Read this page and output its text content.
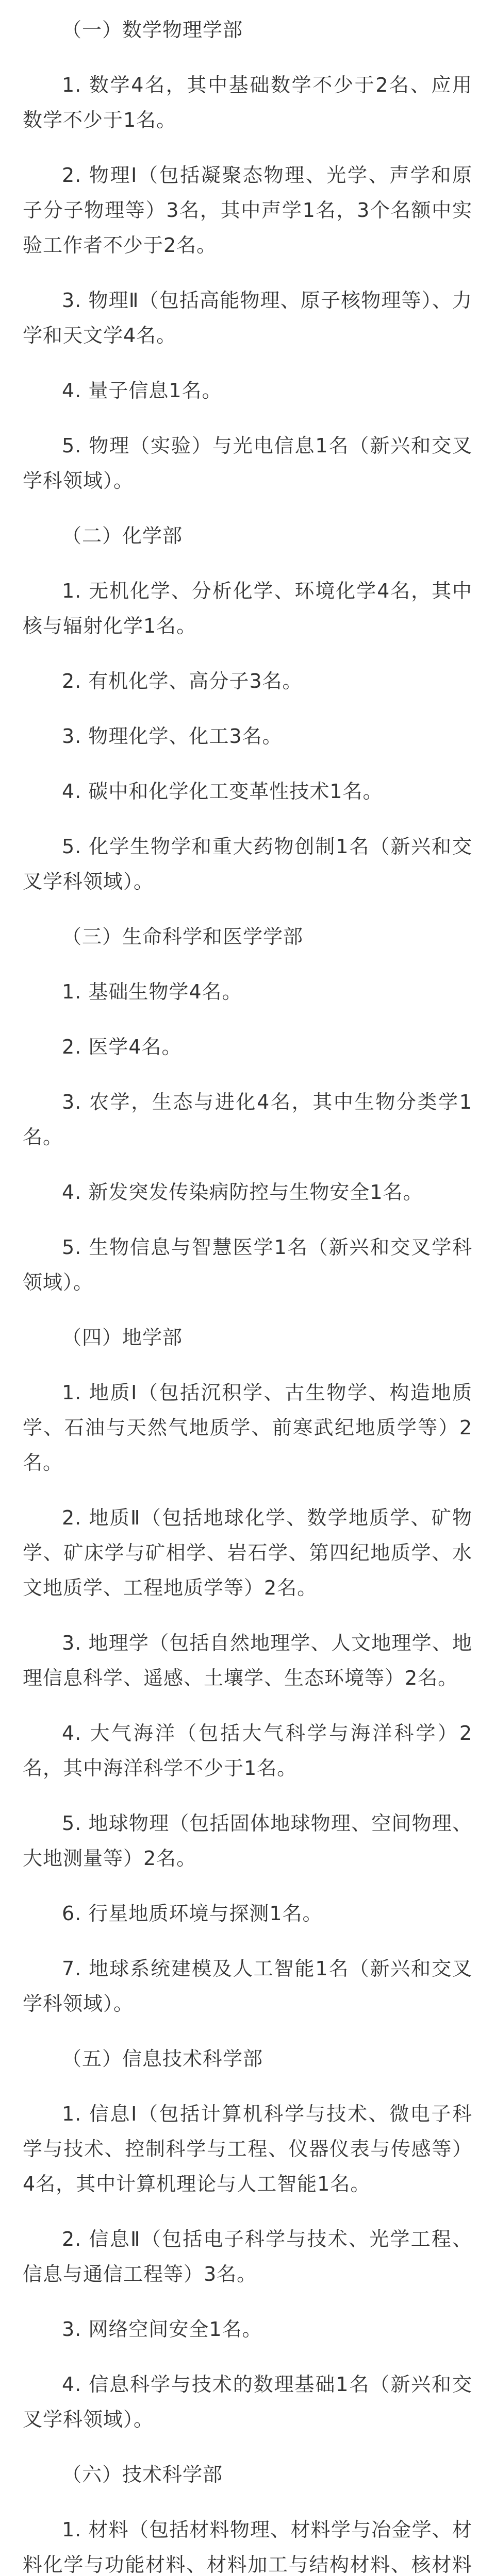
（一）数学物理学部

1. 数学4名，其中基础数学不少于2名、应用数学不少于1名。

2. 物理Ⅰ（包括凝聚态物理、光学、声学和原子分子物理等）3名，其中声学1名，3个名额中实验工作者不少于2名。

3. 物理Ⅱ（包括高能物理、原子核物理等）、力学和天文学4名。

4. 量子信息1名。

5. 物理（实验）与光电信息1名（新兴和交叉学科领域）。

（二）化学部

1. 无机化学、分析化学、环境化学4名，其中核与辐射化学1名。

2. 有机化学、高分子3名。

3. 物理化学、化工3名。

4. 碳中和化学化工变革性技术1名。

5. 化学生物学和重大药物创制1名（新兴和交叉学科领域）。

（三）生命科学和医学学部

1. 基础生物学4名。

2. 医学4名。

3. 农学，生态与进化4名，其中生物分类学1名。

4. 新发突发传染病防控与生物安全1名。

5. 生物信息与智慧医学1名（新兴和交叉学科领域）。

（四）地学部

1. 地质Ⅰ（包括沉积学、古生物学、构造地质学、石油与天然气地质学、前寒武纪地质学等）2名。

2. 地质Ⅱ（包括地球化学、数学地质学、矿物学、矿床学与矿相学、岩石学、第四纪地质学、水文地质学、工程地质学等）2名。

3. 地理学（包括自然地理学、人文地理学、地理信息科学、遥感、土壤学、生态环境等）2名。

4. 大气海洋（包括大气科学与海洋科学）2名，其中海洋科学不少于1名。

5. 地球物理（包括固体地球物理、空间物理、大地测量等）2名。

6. 行星地质环境与探测1名。

7. 地球系统建模及人工智能1名（新兴和交叉学科领域）。

（五）信息技术科学部

1. 信息Ⅰ（包括计算机科学与技术、微电子科学与技术、控制科学与工程、仪器仪表与传感等）4名，其中计算机理论与人工智能1名。

2. 信息Ⅱ（包括电子科学与技术、光学工程、信息与通信工程等）3名。

3. 网络空间安全1名。

4. 信息科学与技术的数理基础1名（新兴和交叉学科领域）。

（六）技术科学部

1. 材料（包括材料物理、材料学与冶金学、材料化学与功能材料、材料加工与结构材料、核材料
